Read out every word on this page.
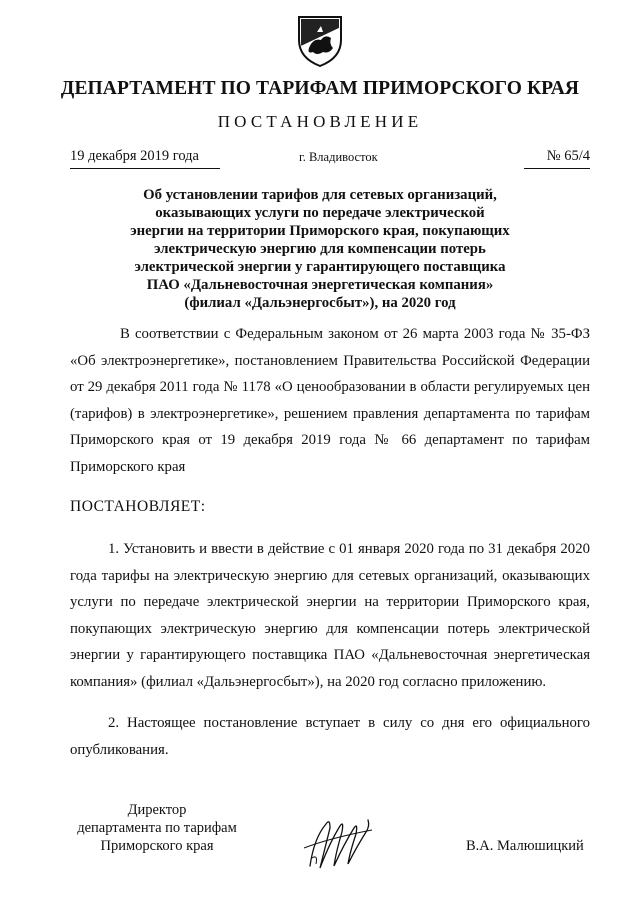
ДЕПАРТАМЕНТ ПО ТАРИФАМ ПРИМОРСКОГО КРАЯ
ПОСТАНОВЛЕНИЕ
19 декабря 2019 года	г. Владивосток	№ 65/4
Об установлении тарифов для сетевых организаций,
оказывающих услуги по передаче электрической
энергии на территории Приморского края, покупающих
электрическую энергию для компенсации потерь
электрической энергии у гарантирующего поставщика
ПАО «Дальневосточная энергетическая компания»
(филиал «Дальэнергосбыт»), на 2020 год

В соответствии с Федеральным законом от 26 марта 2003 года № 35-ФЗ «Об электроэнергетике», постановлением Правительства Российской Федерации от 29 декабря 2011 года № 1178 «О ценообразовании в области регулируемых цен (тарифов) в электроэнергетике», решением правления департамента по тарифам Приморского края от 19 декабря 2019 года № 66 департамент по тарифам Приморского края

ПОСТАНОВЛЯЕТ:

1. Установить и ввести в действие с 01 января 2020 года по 31 декабря 2020 года тарифы на электрическую энергию для сетевых организаций, оказывающих услуги по передаче электрической энергии на территории Приморского края, покупающих электрическую энергию для компенсации потерь электрической энергии у гарантирующего поставщика ПАО «Дальневосточная энергетическая компания» (филиал «Дальэнергосбыт»), на 2020 год согласно приложению.

2. Настоящее постановление вступает в силу со дня его официального опубликования.

Директор
департамента по тарифам
Приморского края	В.А. Малюшицкий
